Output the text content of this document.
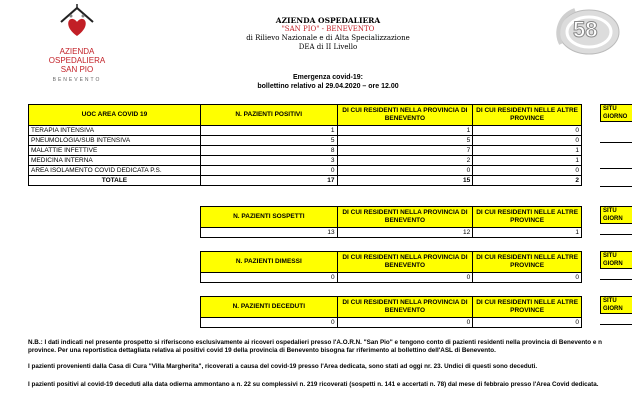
AZIENDA
OSPEDALIERA
SAN PIO
BENEVENTO
AZIENDA OSPEDALIERA
"SAN PIO" - BENEVENTO
di Rilievo Nazionale e di Alta Specializzazione
DEA di II Livello
Emergenza covid-19:
bollettino relativo al 29.04.2020 – ore 12.00
58
UOC AREA COVID 19	N. PAZIENTI POSITIVI	DI CUI RESIDENTI NELLA PROVINCIA DI BENEVENTO	DI CUI RESIDENTI NELLE ALTRE PROVINCE
TERAPIA INTENSIVA	1	1	0
PNEUMOLOGIA/SUB INTENSIVA	5	5	0
MALATTIE INFETTIVE	8	7	1
MEDICINA INTERNA	3	2	1
AREA ISOLAMENTO COVID DEDICATA P.S.	0	0	0
TOTALE	17	15	2
N. PAZIENTI SOSPETTI	DI CUI RESIDENTI NELLA PROVINCIA DI BENEVENTO	DI CUI RESIDENTI NELLE ALTRE PROVINCE
13	12	1
N. PAZIENTI DIMESSI	DI CUI RESIDENTI NELLA PROVINCIA DI BENEVENTO	DI CUI RESIDENTI NELLE ALTRE PROVINCE
0	0	0
N. PAZIENTI DECEDUTI	DI CUI RESIDENTI NELLA PROVINCIA DI BENEVENTO	DI CUI RESIDENTI NELLE ALTRE PROVINCE
0	0	0
SITU
GIORNO
SITU
GIORN
SITU
GIORN
SITU
GIORN
N.B.: I dati indicati nel presente prospetto si riferiscono esclusivamente ai ricoveri ospedalieri presso l'A.O.R.N. "San Pio" e tengono conto di pazienti residenti nella provincia di Benevento e n
province. Per una reportistica dettagliata relativa ai positivi covid 19 della provincia di Benevento bisogna far riferimento al bollettino dell'ASL di Benevento.
I pazienti provenienti dalla Casa di Cura "Villa Margherita", ricoverati a causa del covid-19 presso l'Area dedicata, sono stati ad oggi nr. 23. Undici di questi sono deceduti.
I pazienti positivi al covid-19 deceduti alla data odierna ammontano a n. 22 su complessivi n. 219 ricoverati (sospetti n. 141 e accertati n. 78) dal mese di febbraio presso l'Area Covid dedicata.
